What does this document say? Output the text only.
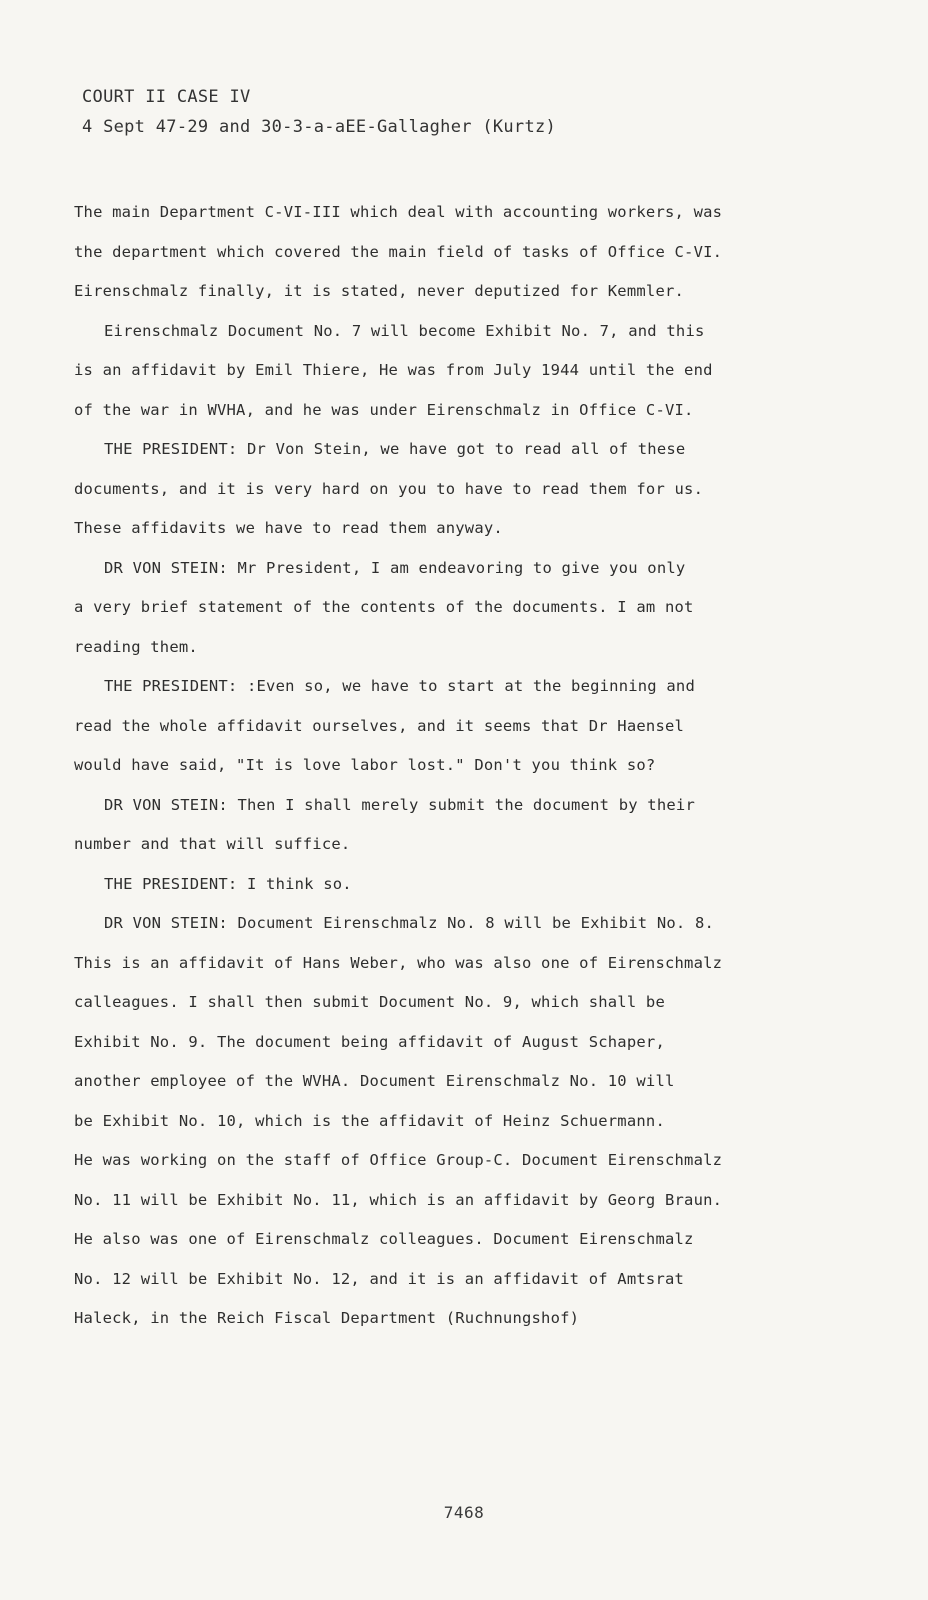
COURT II CASE IV
4 Sept 47-29 and 30-3-a-aEE-Gallagher (Kurtz)
The main Department C-VI-III which deal with accounting workers, was
the department which covered the main field of tasks of Office C-VI.
Eirenschmalz finally, it is stated, never deputized for Kemmler.
Eirenschmalz Document No. 7 will become Exhibit No. 7, and this
is an affidavit by Emil Thiere, He was from July 1944 until the end
of the war in WVHA, and he was under Eirenschmalz in Office C-VI.
THE PRESIDENT: Dr Von Stein, we have got to read all of these
documents, and it is very hard on you to have to read them for us.
These affidavits we have to read them anyway.
DR VON STEIN: Mr President, I am endeavoring to give you only
a very brief statement of the contents of the documents. I am not
reading them.
THE PRESIDENT: :Even so, we have to start at the beginning and
read the whole affidavit ourselves, and it seems that Dr Haensel
would have said, "It is love labor lost." Don't you think so?
DR VON STEIN: Then I shall merely submit the document by their
number and that will suffice.
THE PRESIDENT: I think so.
DR VON STEIN: Document Eirenschmalz No. 8 will be Exhibit No. 8.
This is an affidavit of Hans Weber, who was also one of Eirenschmalz
calleagues. I shall then submit Document No. 9, which shall be
Exhibit No. 9. The document being affidavit of August Schaper,
another employee of the WVHA. Document Eirenschmalz No. 10 will
be Exhibit No. 10, which is the affidavit of Heinz Schuermann.
He was working on the staff of Office Group-C. Document Eirenschmalz
No. 11 will be Exhibit No. 11, which is an affidavit by Georg Braun.
He also was one of Eirenschmalz colleagues. Document Eirenschmalz
No. 12 will be Exhibit No. 12, and it is an affidavit of Amtsrat
Haleck, in the Reich Fiscal Department (Ruchnungshof)
7468
